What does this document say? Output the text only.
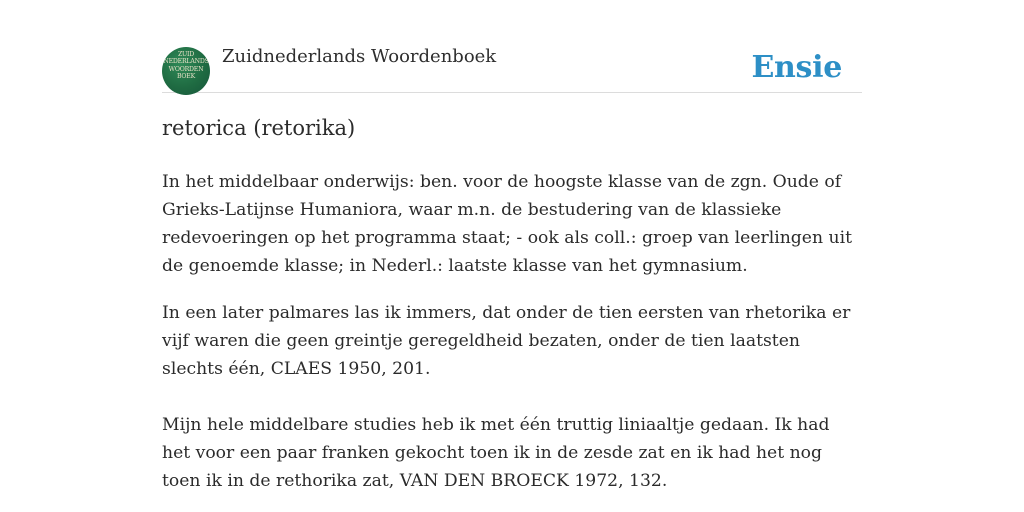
ZUID
NEDERLANDS
WOORDEN
BOEK
Zuidnederlands Woordenboek	Ensie
retorica (retorika)

In het middelbaar onderwijs: ben. voor de hoogste klasse van de zgn. Oude of Grieks-Latijnse Humaniora, waar m.n. de bestudering van de klassieke redevoeringen op het programma staat; - ook als coll.: groep van leerlingen uit de genoemde klasse; in Nederl.: laatste klasse van het gymnasium.

In een later palmares las ik immers, dat onder de tien eersten van rhetorika er vijf waren die geen greintje geregeldheid bezaten, onder de tien laatsten slechts één, CLAES 1950, 201.

Mijn hele middelbare studies heb ik met één truttig liniaaltje gedaan. Ik had het voor een paar franken gekocht toen ik in de zesde zat en ik had het nog toen ik in de rethorika zat, VAN DEN BROECK 1972, 132.
